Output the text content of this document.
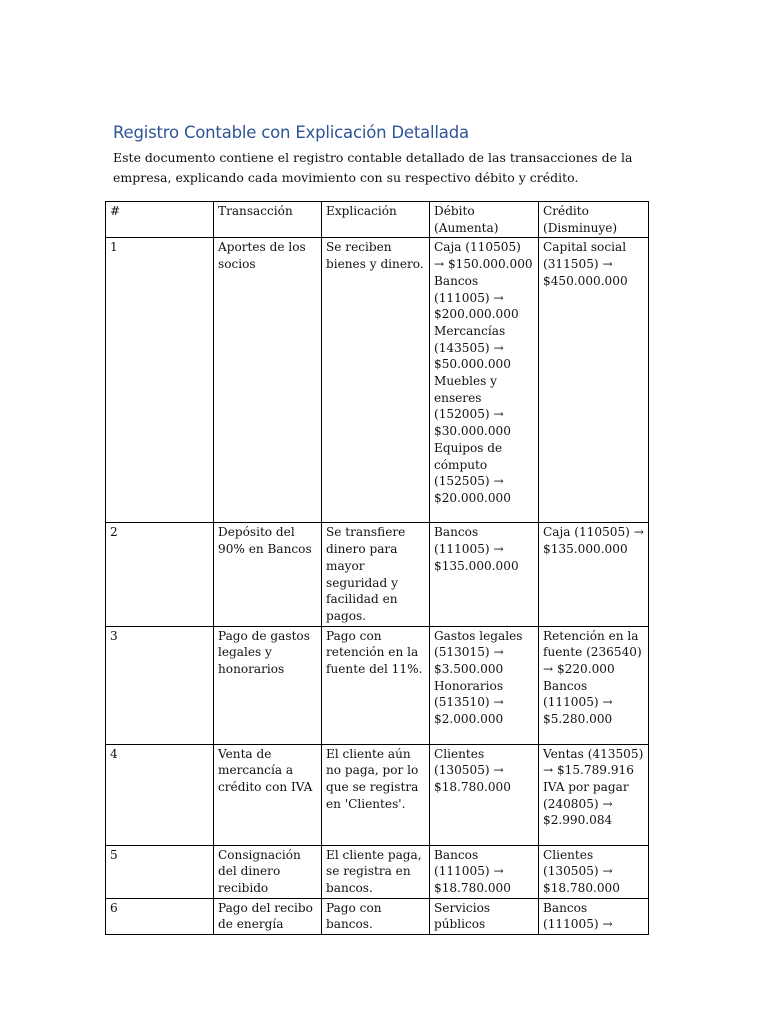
Registro Contable con Explicación Detallada

Este documento contiene el registro contable detallado de las transacciones de la empresa, explicando cada movimiento con su respectivo débito y crédito.

#	Transacción	Explicación	Débito (Aumenta)	Crédito (Disminuye)
1	Aportes de los socios	Se reciben bienes y dinero.	Caja (110505) → $150.000.000
Bancos (111005) → $200.000.000
Mercancías (143505) → $50.000.000
Muebles y enseres (152005) → $30.000.000
Equipos de cómputo (152505) → $20.000.000	Capital social (311505) → $450.000.000

2	Depósito del 90% en Bancos	Se transfiere dinero para mayor seguridad y facilidad en pagos.	Bancos (111005) → $135.000.000	Caja (110505) → $135.000.000

3	Pago de gastos legales y honorarios	Pago con retención en la fuente del 11%.	Gastos legales (513015) → $3.500.000
Honorarios (513510) → $2.000.000	Retención en la fuente (236540) → $220.000
Bancos (111005) → $5.280.000

4	Venta de mercancía a crédito con IVA	El cliente aún no paga, por lo que se registra en 'Clientes'.	Clientes (130505) → $18.780.000	Ventas (413505) → $15.789.916
IVA por pagar (240805) → $2.990.084

5	Consignación del dinero recibido	El cliente paga, se registra en bancos.	Bancos (111005) → $18.780.000	Clientes (130505) → $18.780.000

6	Pago del recibo de energía	Pago con bancos.	Servicios públicos	Bancos (111005) →
